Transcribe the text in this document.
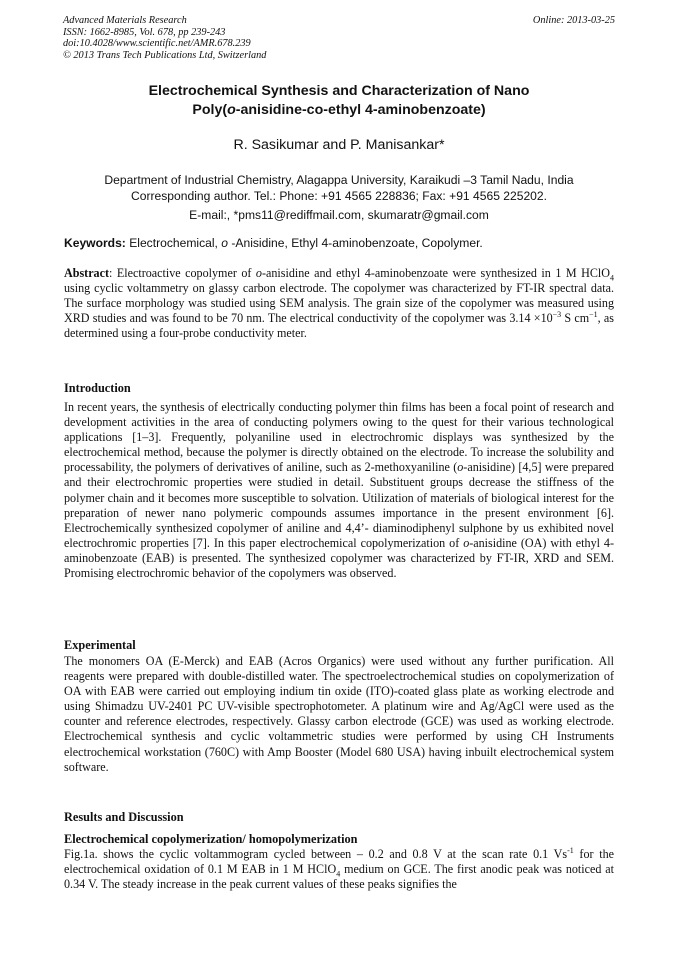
Advanced Materials Research
ISSN: 1662-8985, Vol. 678, pp 239-243
doi:10.4028/www.scientific.net/AMR.678.239
© 2013 Trans Tech Publications Ltd, Switzerland
Online: 2013-03-25
Electrochemical Synthesis and Characterization of Nano
Poly(o-anisidine-co-ethyl 4-aminobenzoate)
R. Sasikumar and P. Manisankar*
Department of Industrial Chemistry, Alagappa University, Karaikudi –3 Tamil Nadu, India
Corresponding author. Tel.: Phone: +91 4565 228836; Fax: +91 4565 225202.
E-mail:, *pms11@rediffmail.com, skumaratr@gmail.com
Keywords: Electrochemical, o -Anisidine, Ethyl 4-aminobenzoate, Copolymer.
Abstract: Electroactive copolymer of o-anisidine and ethyl 4-aminobenzoate were synthesized in 1 M HClO$_4$ using cyclic voltammetry on glassy carbon electrode. The copolymer was characterized by FT-IR spectral data. The surface morphology was studied using SEM analysis. The grain size of the copolymer was measured using XRD studies and was found to be 70 nm. The electrical conductivity of the copolymer was $3.14 \times 10^{-3}$ S $cm^{-1}$, as determined using a four-probe conductivity meter.
Introduction
In recent years, the synthesis of electrically conducting polymer thin films has been a focal point of research and development activities in the area of conducting polymers owing to the quest for their various technological applications [1–3]. Frequently, polyaniline used in electrochromic displays was synthesized by the electrochemical method, because the polymer is directly obtained on the electrode. To increase the solubility and processability, the polymers of derivatives of aniline, such as 2-methoxyaniline (o-anisidine) [4,5] were prepared and their electrochromic properties were studied in detail. Substituent groups decrease the stiffness of the polymer chain and it becomes more susceptible to solvation. Utilization of materials of biological interest for the preparation of newer nano polymeric compounds assumes importance in the present environment [6]. Electrochemically synthesized copolymer of aniline and 4,4’- diaminodiphenyl sulphone by us exhibited novel electrochromic properties [7]. In this paper electrochemical copolymerization of o-anisidine (OA) with ethyl 4-aminobenzoate (EAB) is presented. The synthesized copolymer was characterized by FT-IR, XRD and SEM. Promising electrochromic behavior of the copolymers was observed.
Experimental
The monomers OA (E-Merck) and EAB (Acros Organics) were used without any further purification. All reagents were prepared with double-distilled water. The spectroelectrochemical studies on copolymerization of OA with EAB were carried out employing indium tin oxide (ITO)-coated glass plate as working electrode and using Shimadzu UV-2401 PC UV-visible spectrophotometer. A platinum wire and Ag/AgCl were used as the counter and reference electrodes, respectively. Glassy carbon electrode (GCE) was used as working electrode. Electrochemical synthesis and cyclic voltammetric studies were performed by using CH Instruments electrochemical workstation (760C) with Amp Booster (Model 680 USA) having inbuilt electrochemical system software.
Results and Discussion
Electrochemical copolymerization/ homopolymerization
Fig.1a. shows the cyclic voltammogram cycled between – 0.2 and 0.8 V at the scan rate 0.1 $Vs^{-1}$ for the electrochemical oxidation of 0.1 M EAB in 1 M HClO$_4$ medium on GCE. The first anodic peak was noticed at 0.34 V. The steady increase in the peak current values of these peaks signifies the
